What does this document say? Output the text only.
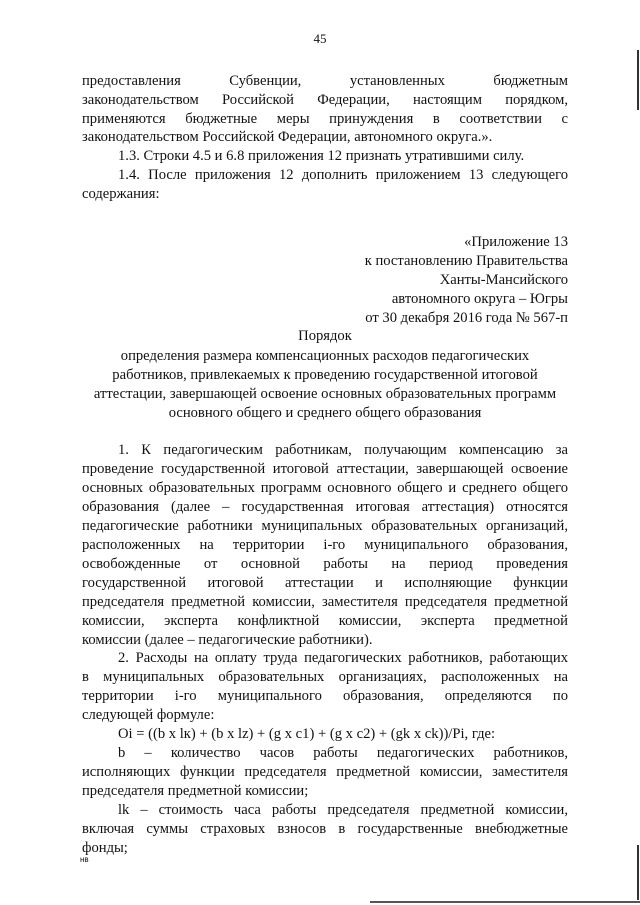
45
предоставления Субвенции, установленных бюджетным
законодательством Российской Федерации, настоящим порядком,
применяются бюджетные меры принуждения в соответствии с
законодательством Российской Федерации, автономного округа.».
1.3. Строки 4.5 и 6.8 приложения 12 признать утратившими силу.
1.4. После приложения 12 дополнить приложением 13 следующего
содержания:
«Приложение 13
к постановлению Правительства
Ханты-Мансийского
автономного округа – Югры
от 30 декабря 2016 года № 567-п
Порядок
определения размера компенсационных расходов педагогических
работников, привлекаемых к проведению государственной итоговой
аттестации, завершающей освоение основных образовательных программ
основного общего и среднего общего образования
1. К педагогическим работникам, получающим компенсацию за
проведение государственной итоговой аттестации, завершающей освоение
основных образовательных программ основного общего и среднего общего
образования (далее – государственная итоговая аттестация) относятся
педагогические работники муниципальных образовательных организаций,
расположенных на территории i-го муниципального образования,
освобожденные от основной работы на период проведения
государственной итоговой аттестации и исполняющие функции
председателя предметной комиссии, заместителя председателя предметной
комиссии, эксперта конфликтной комиссии, эксперта предметной
комиссии (далее – педагогические работники).
2. Расходы на оплату труда педагогических работников, работающих
в муниципальных образовательных организациях, расположенных на
территории i-го муниципального образования, определяются по
следующей формуле:
Oi = ((b x lк) + (b x lz) + (g x c1) + (g x c2) + (gk x ck))/Pi, где:
b – количество часов работы педагогических работников,
исполняющих функции председателя предметной комиссии, заместителя
председателя предметной комиссии;
lk – стоимость часа работы председателя предметной комиссии,
включая суммы страховых взносов в государственные внебюджетные
фонды;
нв
